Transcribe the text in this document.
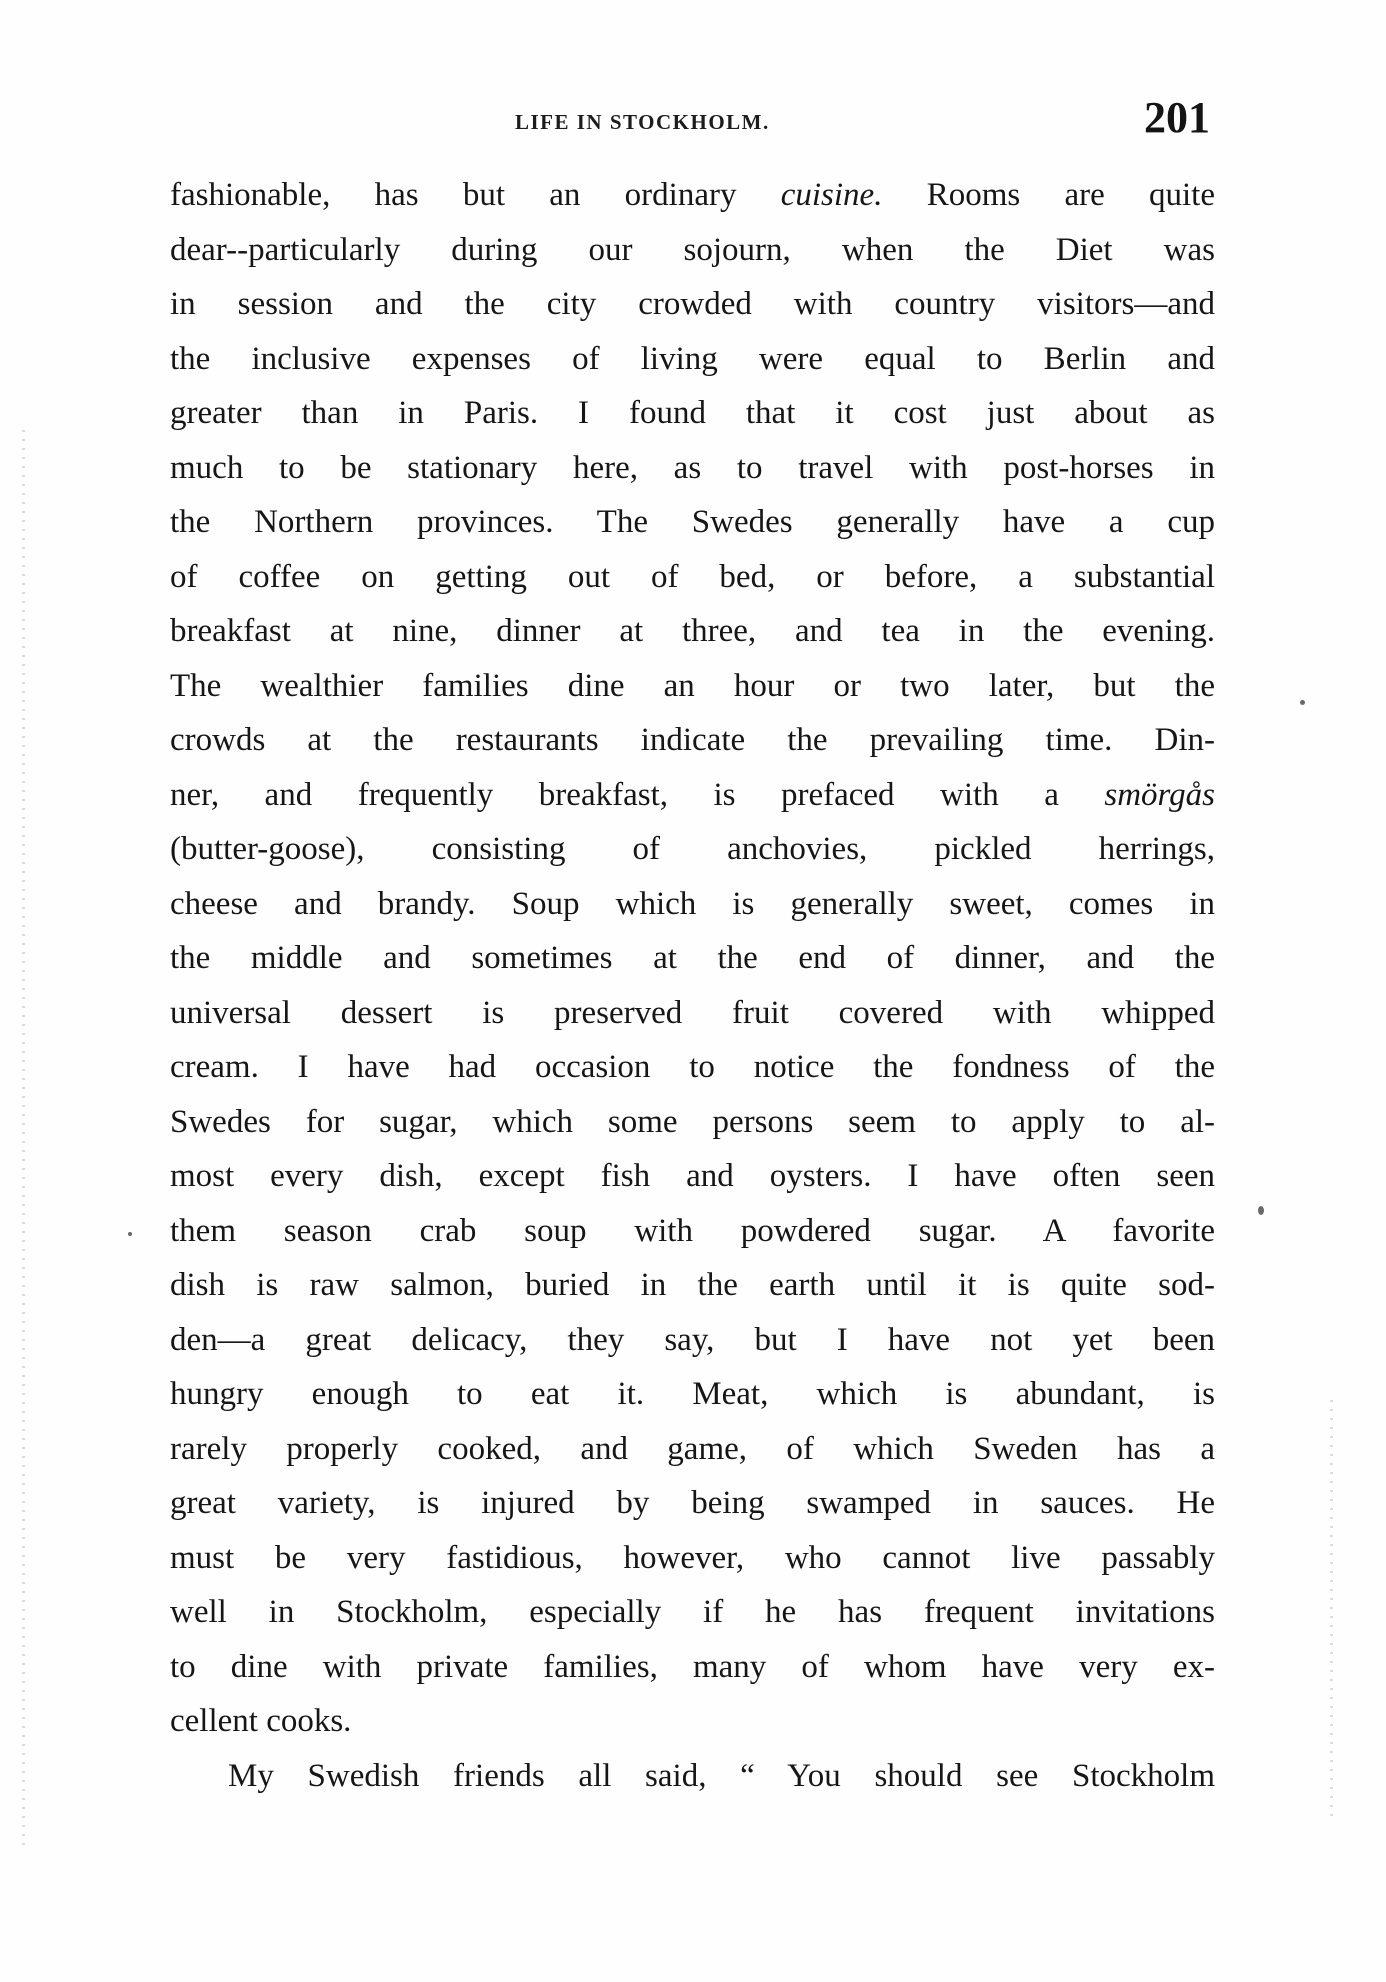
LIFE IN STOCKHOLM.	201
fashionable, has but an ordinary cuisine. Rooms are quite
dear--particularly during our sojourn, when the Diet was
in session and the city crowded with country visitors—and
the inclusive expenses of living were equal to Berlin and
greater than in Paris. I found that it cost just about as
much to be stationary here, as to travel with post-horses in
the Northern provinces. The Swedes generally have a cup
of coffee on getting out of bed, or before, a substantial
breakfast at nine, dinner at three, and tea in the evening.
The wealthier families dine an hour or two later, but the
crowds at the restaurants indicate the prevailing time. Din-
ner, and frequently breakfast, is prefaced with a smörgås
(butter-goose), consisting of anchovies, pickled herrings,
cheese and brandy. Soup which is generally sweet, comes in
the middle and sometimes at the end of dinner, and the
universal dessert is preserved fruit covered with whipped
cream. I have had occasion to notice the fondness of the
Swedes for sugar, which some persons seem to apply to al-
most every dish, except fish and oysters. I have often seen
them season crab soup with powdered sugar. A favorite
dish is raw salmon, buried in the earth until it is quite sod-
den—a great delicacy, they say, but I have not yet been
hungry enough to eat it. Meat, which is abundant, is
rarely properly cooked, and game, of which Sweden has a
great variety, is injured by being swamped in sauces. He
must be very fastidious, however, who cannot live passably
well in Stockholm, especially if he has frequent invitations
to dine with private families, many of whom have very ex-
cellent cooks.
My Swedish friends all said, “ You should see Stockholm
